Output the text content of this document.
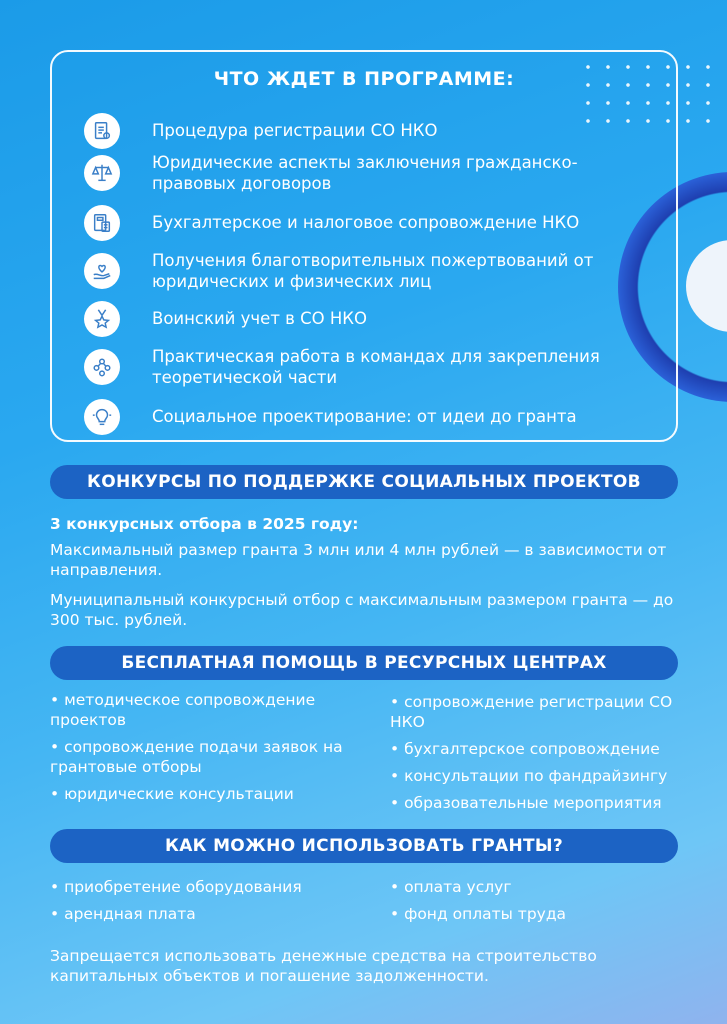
ЧТО ЖДЕТ В ПРОГРАММЕ:
Процедура регистрации СО НКО
Юридические аспекты заключения гражданско-правовых договоров
Бухгалтерское и налоговое сопровождение НКО
Получения благотворительных пожертвований от юридических и физических лиц
Воинский учет в СО НКО
Практическая работа в командах для закрепления теоретической части
Социальное проектирование: от идеи до гранта
КОНКУРСЫ ПО ПОДДЕРЖКЕ СОЦИАЛЬНЫХ ПРОЕКТОВ
3 конкурсных отбора в 2025 году:
Максимальный размер гранта 3 млн или 4 млн рублей — в зависимости от направления.
Муниципальный конкурсный отбор с максимальным размером гранта — до 300 тыс. рублей.
БЕСПЛАТНАЯ ПОМОЩЬ В РЕСУРСНЫХ ЦЕНТРАХ
• методическое сопровождение проектов
• сопровождение подачи заявок на грантовые отборы
• юридические консультации
• сопровождение регистрации СО НКО
• бухгалтерское сопровождение
• консультации по фандрайзингу
• образовательные мероприятия
КАК МОЖНО ИСПОЛЬЗОВАТЬ ГРАНТЫ?
• приобретение оборудования
• арендная плата
• оплата услуг
• фонд оплаты труда
Запрещается использовать денежные средства на строительство капитальных объектов и погашение задолженности.
